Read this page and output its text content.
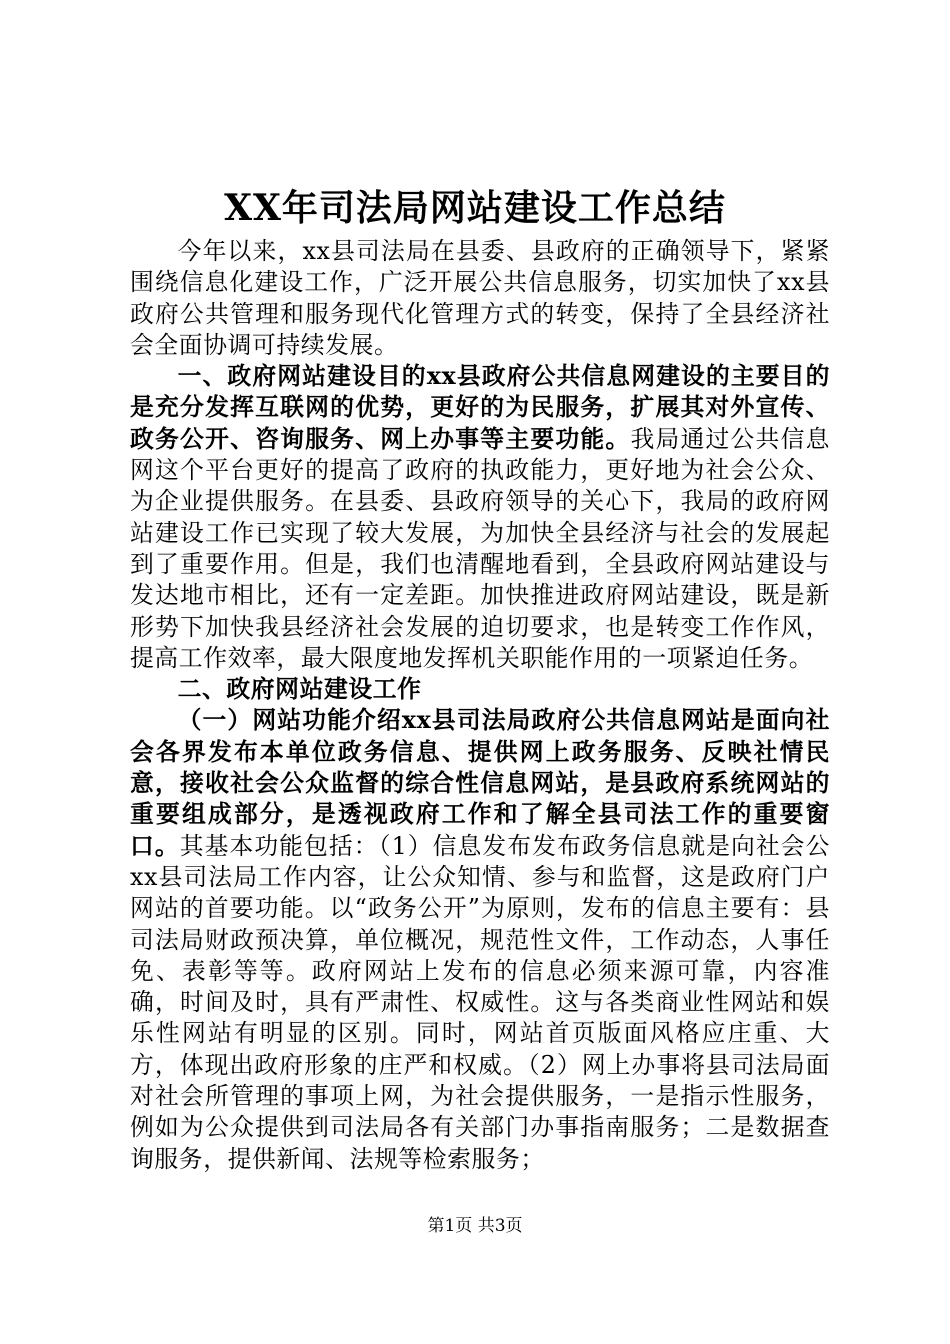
XX年司法局网站建设工作总结

今年以来，xx县司法局在县委、县政府的正确领导下，紧紧围绕信息化建设工作，广泛开展公共信息服务，切实加快了xx县政府公共管理和服务现代化管理方式的转变，保持了全县经济社会全面协调可持续发展。

一、政府网站建设目的xx县政府公共信息网建设的主要目的是充分发挥互联网的优势，更好的为民服务，扩展其对外宣传、政务公开、咨询服务、网上办事等主要功能。我局通过公共信息网这个平台更好的提高了政府的执政能力，更好地为社会公众、为企业提供服务。在县委、县政府领导的关心下，我局的政府网站建设工作已实现了较大发展，为加快全县经济与社会的发展起到了重要作用。但是，我们也清醒地看到，全县政府网站建设与发达地市相比，还有一定差距。加快推进政府网站建设，既是新形势下加快我县经济社会发展的迫切要求，也是转变工作作风，提高工作效率，最大限度地发挥机关职能作用的一项紧迫任务。

二、政府网站建设工作

（一）网站功能介绍xx县司法局政府公共信息网站是面向社会各界发布本单位政务信息、提供网上政务服务、反映社情民意，接收社会公众监督的综合性信息网站，是县政府系统网站的重要组成部分，是透视政府工作和了解全县司法工作的重要窗口。其基本功能包括：（1）信息发布发布政务信息就是向社会公xx县司法局工作内容，让公众知情、参与和监督，这是政府门户网站的首要功能。以“政务公开”为原则，发布的信息主要有：县司法局财政预决算，单位概况，规范性文件，工作动态，人事任免、表彰等等。政府网站上发布的信息必须来源可靠，内容准确，时间及时，具有严肃性、权威性。这与各类商业性网站和娱乐性网站有明显的区别。同时，网站首页版面风格应庄重、大方，体现出政府形象的庄严和权威。（2）网上办事将县司法局面对社会所管理的事项上网，为社会提供服务，一是指示性服务，例如为公众提供到司法局各有关部门办事指南服务；二是数据查询服务，提供新闻、法规等检索服务；

第1页 共3页
